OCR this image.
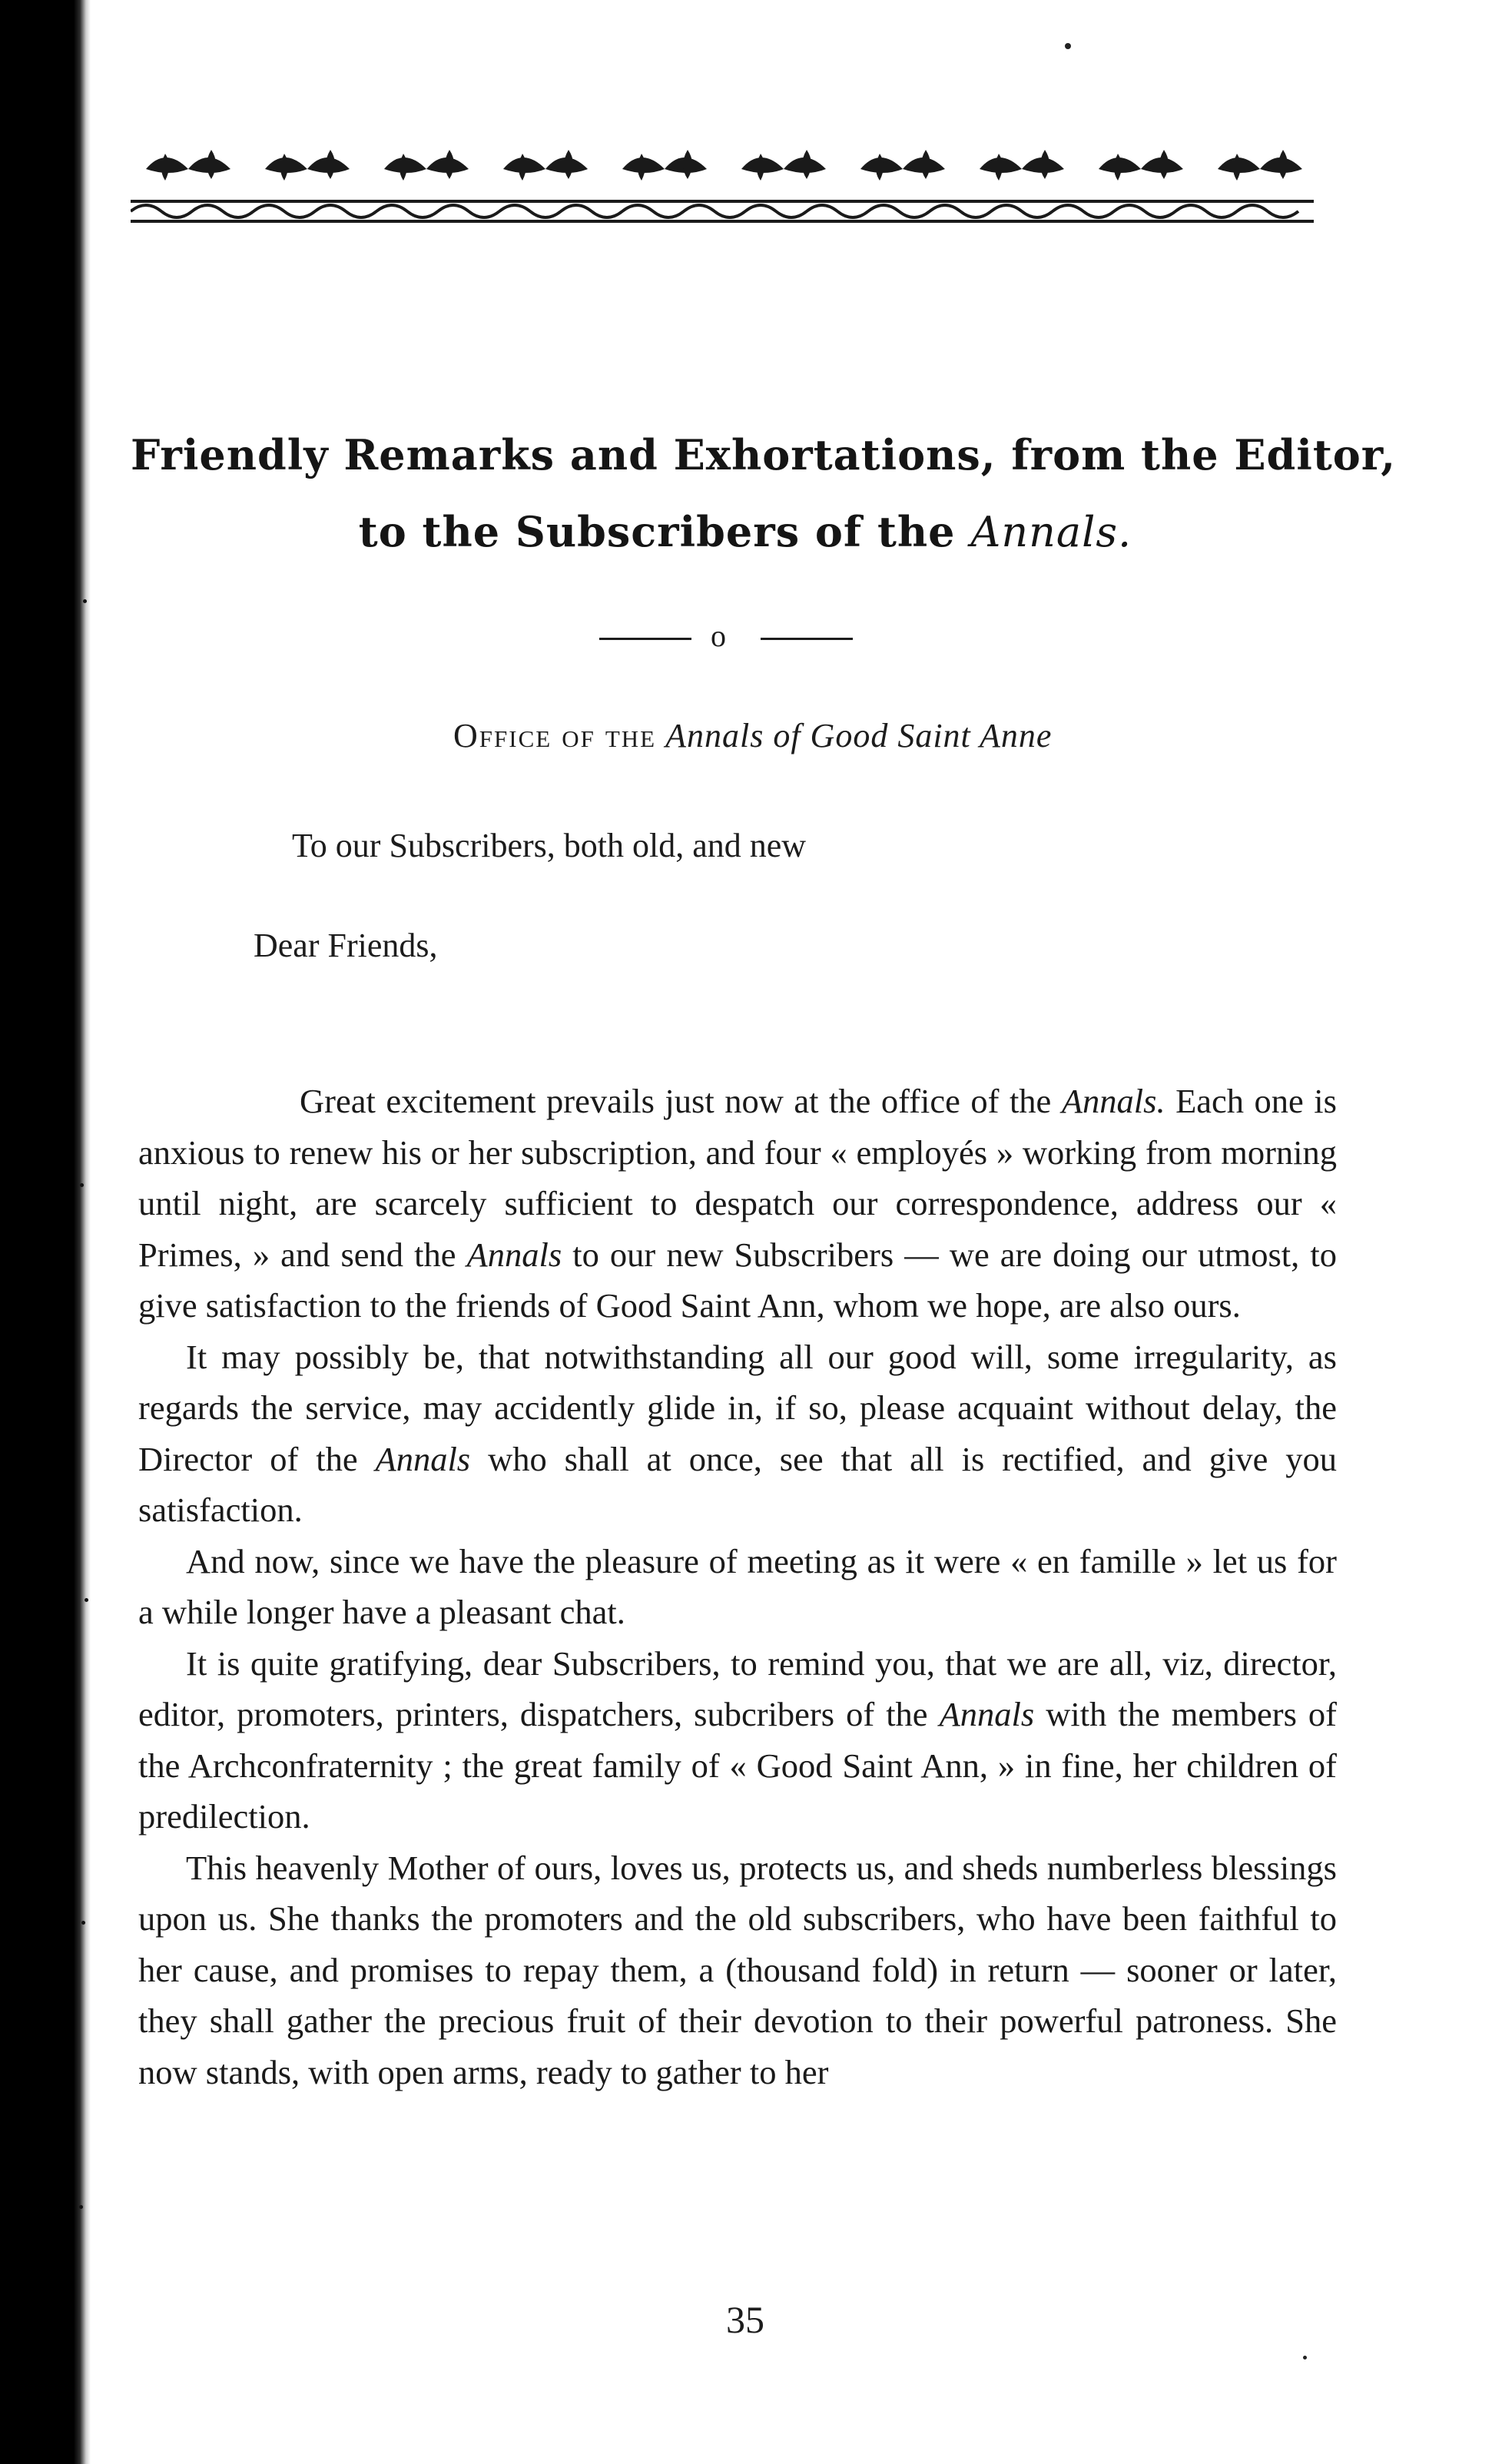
Friendly Remarks and Exhortations, from the Editor,
to the Subscribers of the Annals.
o
Office of the Annals of Good Saint Anne
To our Subscribers, both old, and new
Dear Friends,

Great excitement prevails just now at the office of the Annals. Each one is anxious to renew his or her subscription, and four « employés » working from morning until night, are scarcely sufficient to despatch our correspondence, address our « Primes, » and send the Annals to our new Subscribers — we are doing our utmost, to give satisfaction to the friends of Good Saint Ann, whom we hope, are also ours.

It may possibly be, that notwithstanding all our good will, some irregularity, as regards the service, may accidently glide in, if so, please acquaint without delay, the Director of the Annals who shall at once, see that all is rectified, and give you satisfaction.

And now, since we have the pleasure of meeting as it were « en famille » let us for a while longer have a pleasant chat.

It is quite gratifying, dear Subscribers, to remind you, that we are all, viz, director, editor, promoters, printers, dispatchers, subcribers of the Annals with the members of the Archconfraternity ; the great family of « Good Saint Ann, » in fine, her children of predilection.

This heavenly Mother of ours, loves us, protects us, and sheds numberless blessings upon us. She thanks the promoters and the old subscribers, who have been faithful to her cause, and promises to repay them, a (thousand fold) in return — sooner or later, they shall gather the precious fruit of their devotion to their powerful patroness. She now stands, with open arms, ready to gather to her

35
